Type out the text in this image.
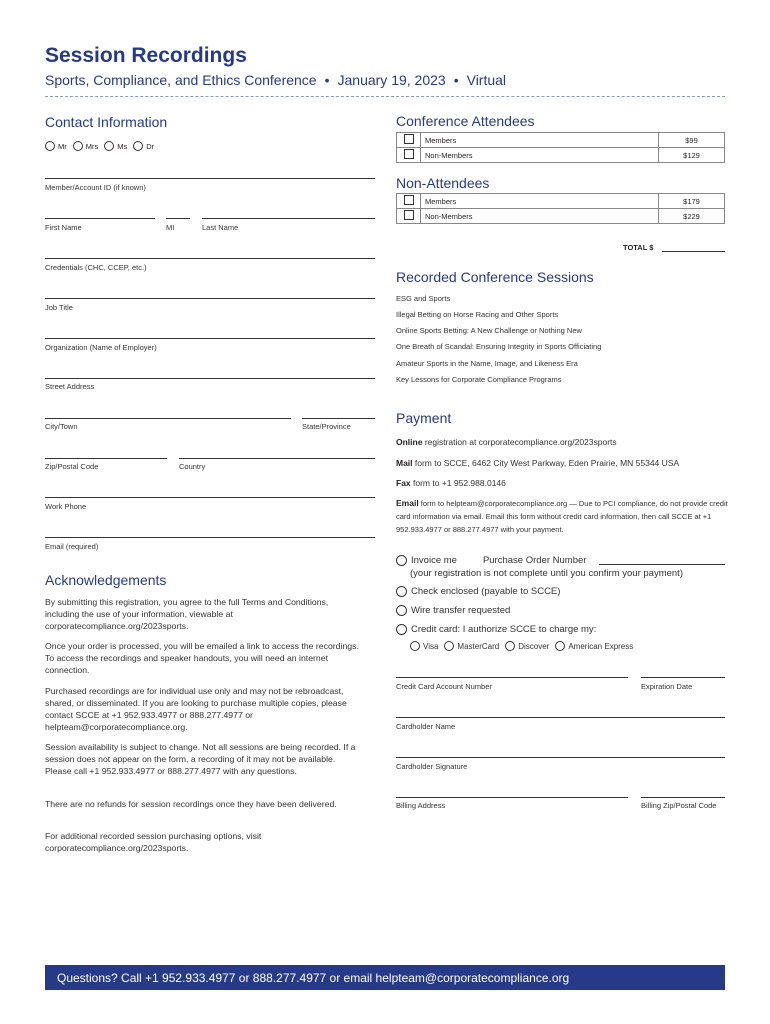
Session Recordings
Sports, Compliance, and Ethics Conference • January 19, 2023 • Virtual
Contact Information
Mr	Mrs	Ms	Dr
Member/Account ID (if known)
First Name	MI	Last Name
Credentials (CHC, CCEP, etc.)
Job Title
Organization (Name of Employer)
Street Address
City/Town	State/Province
Zip/Postal Code	Country
Work Phone
Email (required)
Acknowledgements
By submitting this registration, you agree to the full Terms and Conditions, including the use of your information, viewable at corporatecompliance.org/2023sports.
Once your order is processed, you will be emailed a link to access the recordings. To access the recordings and speaker handouts, you will need an internet connection.
Purchased recordings are for individual use only and may not be rebroadcast, shared, or disseminated. If you are looking to purchase multiple copies, please contact SCCE at +1 952.933.4977 or 888.277.4977 or helpteam@corporatecompliance.org.
Session availability is subject to change. Not all sessions are being recorded. If a session does not appear on the form, a recording of it may not be available. Please call +1 952.933.4977 or 888.277.4977 with any questions.
There are no refunds for session recordings once they have been delivered.
For additional recorded session purchasing options, visit corporatecompliance.org/2023sports.
Conference Attendees
	Members	$99
	Non-Members	$129
Non-Attendees
	Members	$179
	Non-Members	$229
TOTAL $
Recorded Conference Sessions
ESG and Sports
Illegal Betting on Horse Racing and Other Sports
Online Sports Betting: A New Challenge or Nothing New
One Breath of Scandal: Ensuring Integrity in Sports Officiating
Amateur Sports in the Name, Image, and Likeness Era
Key Lessons for Corporate Compliance Programs
Payment
Online registration at corporatecompliance.org/2023sports
Mail form to SCCE, 6462 City West Parkway, Eden Prairie, MN 55344 USA
Fax form to +1 952.988.0146
Email form to helpteam@corporatecompliance.org — Due to PCI compliance, do not provide credit card information via email. Email this form without credit card information, then call SCCE at +1 952.933.4977 or 888.277.4977 with your payment.
Invoice me	Purchase Order Number
(your registration is not complete until you confirm your payment)
Check enclosed (payable to SCCE)
Wire transfer requested
Credit card: I authorize SCCE to charge my:
Visa MasterCard Discover American Express
Credit Card Account Number	Expiration Date
Cardholder Name
Cardholder Signature
Billing Address	Billing Zip/Postal Code
Questions? Call +1 952.933.4977 or 888.277.4977 or email helpteam@corporatecompliance.org
